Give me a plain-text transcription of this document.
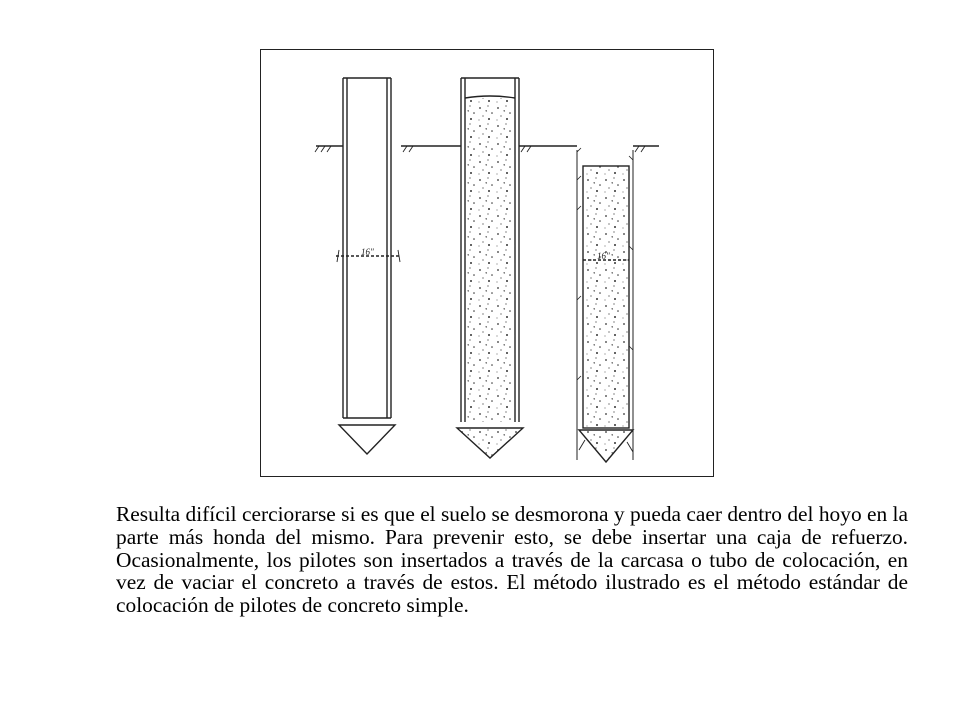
16"	16"

Resulta difícil cerciorarse si es que el suelo se desmorona y pueda caer dentro del hoyo en la parte más honda del mismo. Para prevenir esto, se debe insertar una caja de refuerzo. Ocasionalmente, los pilotes son insertados a través de la carcasa o tubo de colocación, en vez de vaciar el concreto a través de estos. El método ilustrado es el método estándar de colocación de pilotes de concreto simple.
